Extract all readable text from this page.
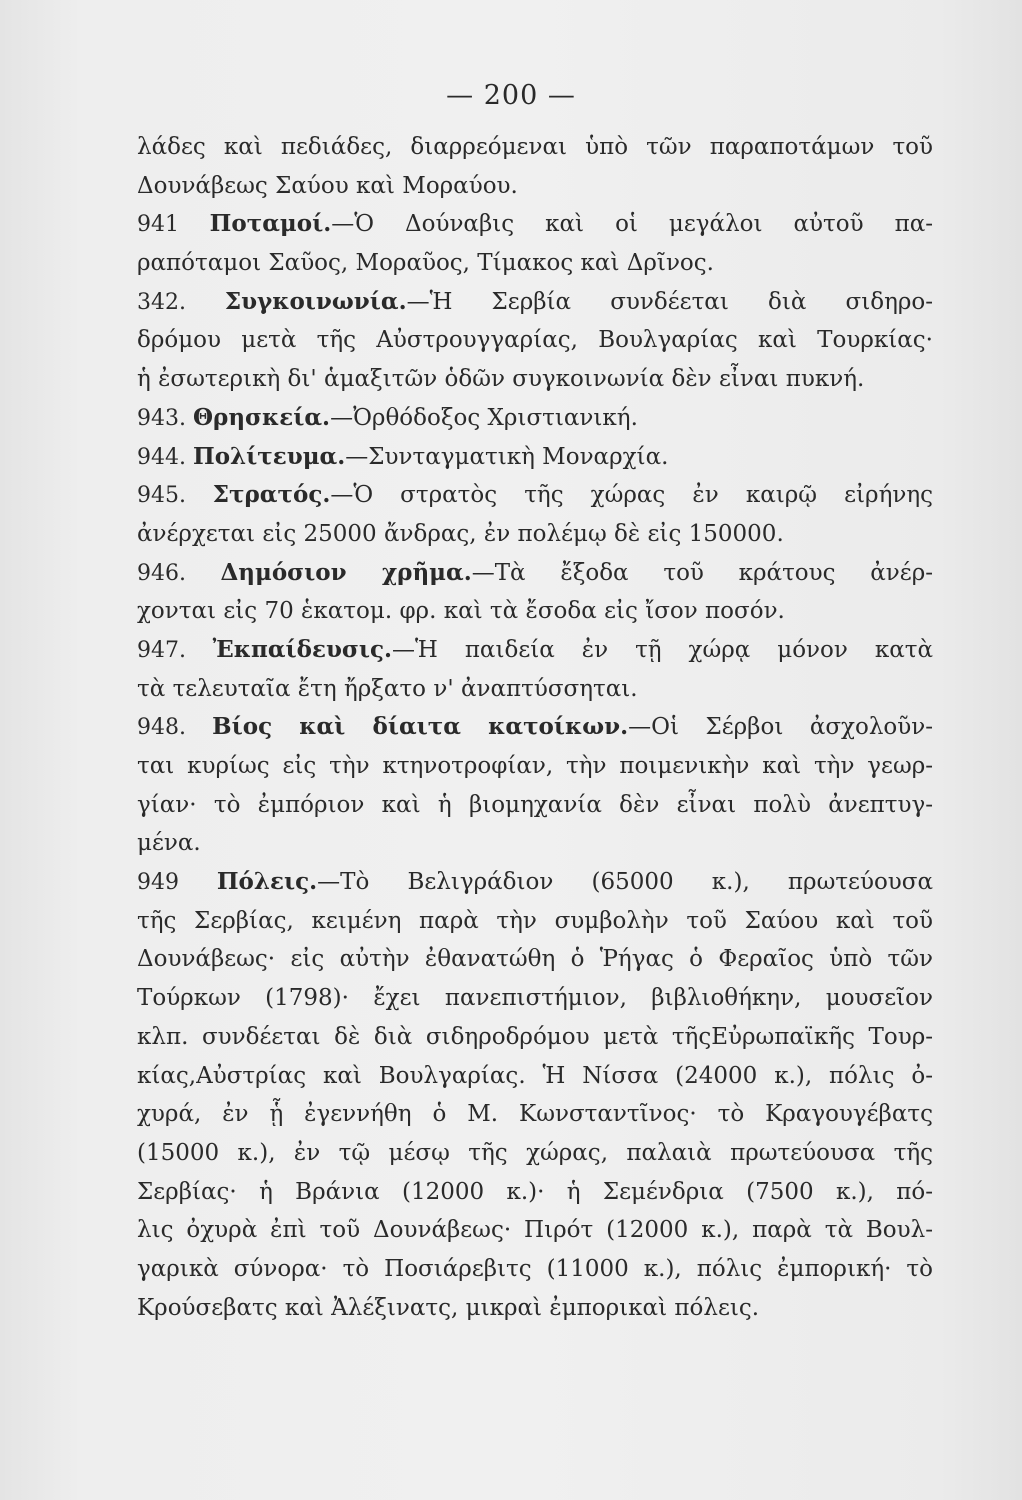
— 200 —
λάδες καὶ πεδιάδες, διαρρεόμεναι ὑπὸ τῶν παραποτάμων τοῦ
Δουνάβεως Σαύου καὶ Μοραύου.
941 Ποταμοί.—Ὁ Δούναβις καὶ οἱ μεγάλοι αὐτοῦ πα-
ραπόταμοι Σαῦος, Μοραῦος, Τίμακος καὶ Δρῖνος.
342. Συγκοινωνία.—Ἡ Σερβία συνδέεται διὰ σιδηρο-
δρόμου μετὰ τῆς Αὐστρουγγαρίας, Βουλγαρίας καὶ Τουρκίας·
ἡ ἐσωτερικὴ δι' ἁμαξιτῶν ὁδῶν συγκοινωνία δὲν εἶναι πυκνή.
943. Θρησκεία.—Ὀρθόδοξος Χριστιανική.
944. Πολίτευμα.—Συνταγματικὴ Μοναρχία.
945. Στρατός.—Ὁ στρατὸς τῆς χώρας ἐν καιρῷ εἰρήνης
ἀνέρχεται εἰς 25000 ἄνδρας, ἐν πολέμῳ δὲ εἰς 150000.
946. Δημόσιον χρῆμα.—Τὰ ἔξοδα τοῦ κράτους ἀνέρ-
χονται εἰς 70 ἑκατομ. φρ. καὶ τὰ ἔσοδα εἰς ἴσον ποσόν.
947. Ἐκπαίδευσις.—Ἡ παιδεία ἐν τῇ χώρᾳ μόνον κατὰ
τὰ τελευταῖα ἔτη ἤρξατο ν' ἀναπτύσσηται.
948. Βίος καὶ δίαιτα κατοίκων.—Οἱ Σέρβοι ἀσχολοῦν-
ται κυρίως εἰς τὴν κτηνοτροφίαν, τὴν ποιμενικὴν καὶ τὴν γεωρ-
γίαν· τὸ ἐμπόριον καὶ ἡ βιομηχανία δὲν εἶναι πολὺ ἀνεπτυγ-
μένα.
949 Πόλεις.—Τὸ Βελιγράδιον (65000 κ.), πρωτεύουσα
τῆς Σερβίας, κειμένη παρὰ τὴν συμβολὴν τοῦ Σαύου καὶ τοῦ
Δουνάβεως· εἰς αὐτὴν ἐθανατώθη ὁ Ῥήγας ὁ Φεραῖος ὑπὸ τῶν
Τούρκων (1798)· ἔχει πανεπιστήμιον, βιβλιοθήκην, μουσεῖον
κλπ. συνδέεται δὲ διὰ σιδηροδρόμου μετὰ τῆςΕὐρωπαϊκῆς Τουρ-
κίας,Αὐστρίας καὶ Βουλγαρίας. Ἡ Νίσσα (24000 κ.), πόλις ὀ-
χυρά, ἐν ᾗ ἐγεννήθη ὁ Μ. Κωνσταντῖνος· τὸ Κραγουγέβατς
(15000 κ.), ἐν τῷ μέσῳ τῆς χώρας, παλαιὰ πρωτεύουσα τῆς
Σερβίας· ἡ Βράνια (12000 κ.)· ἡ Σεμένδρια (7500 κ.), πό-
λις ὀχυρὰ ἐπὶ τοῦ Δουνάβεως· Πιρότ (12000 κ.), παρὰ τὰ Βουλ-
γαρικὰ σύνορα· τὸ Ποσιάρεβιτς (11000 κ.), πόλις ἐμπορική· τὸ
Κρούσεβατς καὶ Ἀλέξινατς, μικραὶ ἐμπορικαὶ πόλεις.
